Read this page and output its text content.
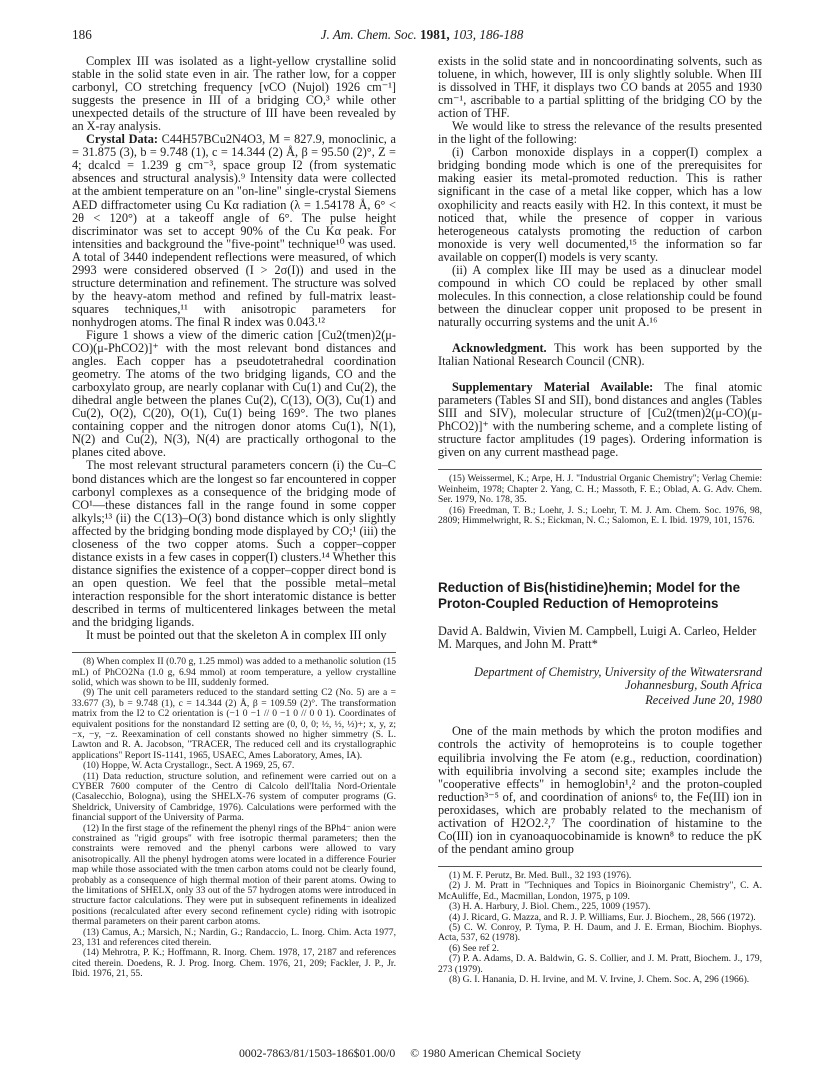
186	J. Am. Chem. Soc. 1981, 103, 186-188

Complex III was isolated as a light-yellow crystalline solid stable in the solid state even in air. The rather low, for a copper carbonyl, CO stretching frequency [νCO (Nujol) 1926 cm⁻¹] suggests the presence in III of a bridging CO,³ while other unexpected details of the structure of III have been revealed by an X-ray analysis.

Crystal Data: C44H57BCu2N4O3, M = 827.9, monoclinic, a = 31.875 (3), b = 9.748 (1), c = 14.344 (2) Å, β = 95.50 (2)°, Z = 4; dcalcd = 1.239 g cm⁻³, space group I2 (from systematic absences and structural analysis).⁹ Intensity data were collected at the ambient temperature on an "on-line" single-crystal Siemens AED diffractometer using Cu Kα radiation (λ = 1.54178 Å, 6° < 2θ < 120°) at a takeoff angle of 6°. The pulse height discriminator was set to accept 90% of the Cu Kα peak. For intensities and background the "five-point" technique¹⁰ was used. A total of 3440 independent reflections were measured, of which 2993 were considered observed (I > 2σ(I)) and used in the structure determination and refinement. The structure was solved by the heavy-atom method and refined by full-matrix least-squares techniques,¹¹ with anisotropic parameters for nonhydrogen atoms. The final R index was 0.043.¹²

Figure 1 shows a view of the dimeric cation [Cu2(tmen)2(μ-CO)(μ-PhCO2)]⁺ with the most relevant bond distances and angles. Each copper has a pseudotetrahedral coordination geometry. The atoms of the two bridging ligands, CO and the carboxylato group, are nearly coplanar with Cu(1) and Cu(2), the dihedral angle between the planes Cu(2), C(13), O(3), Cu(1) and Cu(2), O(2), C(20), O(1), Cu(1) being 169°. The two planes containing copper and the nitrogen donor atoms Cu(1), N(1), N(2) and Cu(2), N(3), N(4) are practically orthogonal to the planes cited above.

The most relevant structural parameters concern (i) the Cu–C bond distances which are the longest so far encountered in copper carbonyl complexes as a consequence of the bridging mode of CO¹—these distances fall in the range found in some copper alkyls;¹³ (ii) the C(13)–O(3) bond distance which is only slightly affected by the bridging bonding mode displayed by CO;¹ (iii) the closeness of the two copper atoms. Such a copper–copper distance exists in a few cases in copper(I) clusters.¹⁴ Whether this distance signifies the existence of a copper–copper direct bond is an open question. We feel that the possible metal–metal interaction responsible for the short interatomic distance is better described in terms of multicentered linkages between the metal and the bridging ligands.

It must be pointed out that the skeleton A in complex III only

(8) When complex II (0.70 g, 1.25 mmol) was added to a methanolic solution (15 mL) of PhCO2Na (1.0 g, 6.94 mmol) at room temperature, a yellow crystalline solid, which was shown to be III, suddenly formed.

(9) The unit cell parameters reduced to the standard setting C2 (No. 5) are a = 33.677 (3), b = 9.748 (1), c = 14.344 (2) Å, β = 109.59 (2)°. The transformation matrix from the I2 to C2 orientation is (−1 0 −1 // 0 −1 0 // 0 0 1). Coordinates of equivalent positions for the nonstandard I2 setting are (0, 0, 0; ½, ½, ½)+; x, y, z; −x, −y, −z. Reexamination of cell constants showed no higher simmetry (S. L. Lawton and R. A. Jacobson, "TRACER, The reduced cell and its crystallographic applications" Report IS-1141, 1965, USAEC, Ames Laboratory, Ames, IA).

(10) Hoppe, W. Acta Crystallogr., Sect. A 1969, 25, 67.

(11) Data reduction, structure solution, and refinement were carried out on a CYBER 7600 computer of the Centro di Calcolo dell'Italia Nord-Orientale (Casalecchio, Bologna), using the SHELX-76 system of computer programs (G. Sheldrick, University of Cambridge, 1976). Calculations were performed with the financial support of the University of Parma.

(12) In the first stage of the refinement the phenyl rings of the BPh4⁻ anion were constrained as "rigid groups" with free isotropic thermal parameters; then the constraints were removed and the phenyl carbons were allowed to vary anisotropically. All the phenyl hydrogen atoms were located in a difference Fourier map while those associated with the tmen carbon atoms could not be clearly found, probably as a consequence of high thermal motion of their parent atoms. Owing to the limitations of SHELX, only 33 out of the 57 hydrogen atoms were introduced in structure factor calculations. They were put in subsequent refinements in idealized positions (recalculated after every second refinement cycle) riding with isotropic thermal parameters on their parent carbon atoms.

(13) Camus, A.; Marsich, N.; Nardin, G.; Randaccio, L. Inorg. Chim. Acta 1977, 23, 131 and references cited therein.

(14) Mehrotra, P. K.; Hoffmann, R. Inorg. Chem. 1978, 17, 2187 and references cited therein. Doedens, R. J. Prog. Inorg. Chem. 1976, 21, 209; Fackler, J. P., Jr. Ibid. 1976, 21, 55.

exists in the solid state and in noncoordinating solvents, such as toluene, in which, however, III is only slightly soluble. When III is dissolved in THF, it displays two CO bands at 2055 and 1930 cm⁻¹, ascribable to a partial splitting of the bridging CO by the action of THF.

We would like to stress the relevance of the results presented in the light of the following:

(i) Carbon monoxide displays in a copper(I) complex a bridging bonding mode which is one of the prerequisites for making easier its metal-promoted reduction. This is rather significant in the case of a metal like copper, which has a low oxophilicity and reacts easily with H2. In this context, it must be noticed that, while the presence of copper in various heterogeneous catalysts promoting the reduction of carbon monoxide is very well documented,¹⁵ the information so far available on copper(I) models is very scanty.

(ii) A complex like III may be used as a dinuclear model compound in which CO could be replaced by other small molecules. In this connection, a close relationship could be found between the dinuclear copper unit proposed to be present in naturally occurring systems and the unit A.¹⁶

Acknowledgment. This work has been supported by the Italian National Research Council (CNR).

Supplementary Material Available: The final atomic parameters (Tables SI and SII), bond distances and angles (Tables SIII and SIV), molecular structure of [Cu2(tmen)2(μ-CO)(μ-PhCO2)]⁺ with the numbering scheme, and a complete listing of structure factor amplitudes (19 pages). Ordering information is given on any current masthead page.

(15) Weissermel, K.; Arpe, H. J. "Industrial Organic Chemistry"; Verlag Chemie: Weinheim, 1978; Chapter 2. Yang, C. H.; Massoth, F. E.; Oblad, A. G. Adv. Chem. Ser. 1979, No. 178, 35.

(16) Freedman, T. B.; Loehr, J. S.; Loehr, T. M. J. Am. Chem. Soc. 1976, 98, 2809; Himmelwright, R. S.; Eickman, N. C.; Salomon, E. I. Ibid. 1979, 101, 1576.

Reduction of Bis(histidine)hemin; Model for the Proton-Coupled Reduction of Hemoproteins

David A. Baldwin, Vivien M. Campbell, Luigi A. Carleo, Helder M. Marques, and John M. Pratt*

Department of Chemistry, University of the Witwatersrand Johannesburg, South Africa

Received June 20, 1980

One of the main methods by which the proton modifies and controls the activity of hemoproteins is to couple together equilibria involving the Fe atom (e.g., reduction, coordination) with equilibria involving a second site; examples include the "cooperative effects" in hemoglobin¹,² and the proton-coupled reduction³⁻⁵ of, and coordination of anions⁶ to, the Fe(III) ion in peroxidases, which are probably related to the mechanism of activation of H2O2.²,⁷ The coordination of histamine to the Co(III) ion in cyanoaquocobinamide is known⁸ to reduce the pK of the pendant amino group

(1) M. F. Perutz, Br. Med. Bull., 32 193 (1976).

(2) J. M. Pratt in "Techniques and Topics in Bioinorganic Chemistry", C. A. McAuliffe, Ed., Macmillan, London, 1975, p 109.

(3) H. A. Harbury, J. Biol. Chem., 225, 1009 (1957).

(4) J. Ricard, G. Mazza, and R. J. P. Williams, Eur. J. Biochem., 28, 566 (1972).

(5) C. W. Conroy, P. Tyma, P. H. Daum, and J. E. Erman, Biochim. Biophys. Acta, 537, 62 (1978).

(6) See ref 2.

(7) P. A. Adams, D. A. Baldwin, G. S. Collier, and J. M. Pratt, Biochem. J., 179, 273 (1979).

(8) G. I. Hanania, D. H. Irvine, and M. V. Irvine, J. Chem. Soc. A, 296 (1966).

0002-7863/81/1503-186$01.00/0 © 1980 American Chemical Society
